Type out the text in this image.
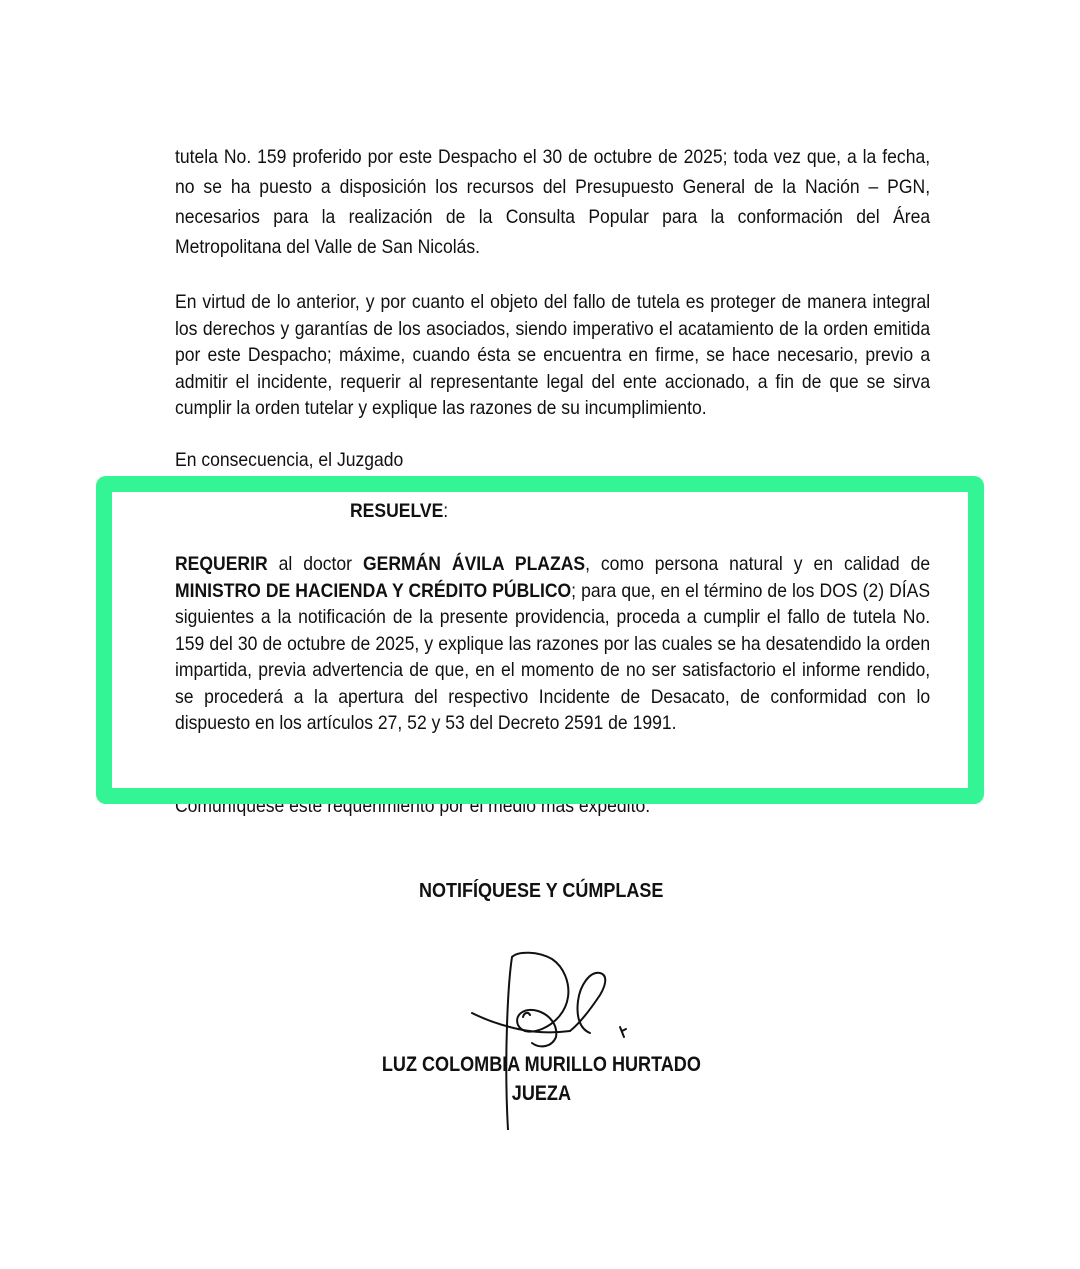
tutela No. 159 proferido por este Despacho el 30 de octubre de 2025; toda vez que, a la fecha, no se ha puesto a disposición los recursos del Presupuesto General de la Nación – PGN, necesarios para la realización de la Consulta Popular para la conformación del Área Metropolitana del Valle de San Nicolás.

En virtud de lo anterior, y por cuanto el objeto del fallo de tutela es proteger de manera integral los derechos y garantías de los asociados, siendo imperativo el acatamiento de la orden emitida por este Despacho; máxime, cuando ésta se encuentra en firme, se hace necesario, previo a admitir el incidente, requerir al representante legal del ente accionado, a fin de que se sirva cumplir la orden tutelar y explique las razones de su incumplimiento.

En consecuencia, el Juzgado

RESUELVE:

REQUERIR al doctor GERMÁN ÁVILA PLAZAS, como persona natural y en calidad de MINISTRO DE HACIENDA Y CRÉDITO PÚBLICO; para que, en el término de los DOS (2) DÍAS siguientes a la notificación de la presente providencia, proceda a cumplir el fallo de tutela No. 159 del 30 de octubre de 2025, y explique las razones por las cuales se ha desatendido la orden impartida, previa advertencia de que, en el momento de no ser satisfactorio el informe rendido, se procederá a la apertura del respectivo Incidente de Desacato, de conformidad con lo dispuesto en los artículos 27, 52 y 53 del Decreto 2591 de 1991.

Comuníquese este requerimiento por el medio más expedito.

NOTIFÍQUESE Y CÚMPLASE

LUZ COLOMBIA MURILLO HURTADO

JUEZA
